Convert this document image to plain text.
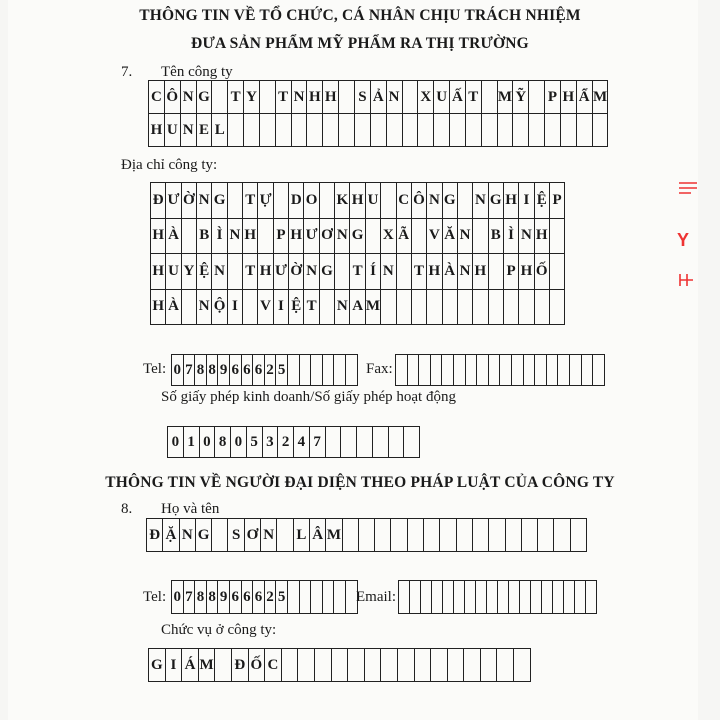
THÔNG TIN VỀ TỔ CHỨC, CÁ NHÂN CHỊU TRÁCH NHIỆM
ĐƯA SẢN PHẨM MỸ PHẨM RA THỊ TRƯỜNG
7. Tên công ty
C Ô N G T Y T N H H S Ả N X U Ấ T M Ỹ P H Ẩ M
H U N E L
Địa chỉ công ty:
Đ Ư Ờ N G T Ự D O K H U C Ô N G N G H I Ệ P
H À B Ì N H P H Ư Ơ N G X Ã V Ă N B Ì N H
H U Y Ệ N T H Ư Ờ N G T Í N T H À N H P H Ố
H À N Ộ I	V I Ệ T N A M
Tel: 0 7 8 8 9 6 6 6 2 5	Fax:
Số giấy phép kinh doanh/Số giấy phép hoạt động
0 1 0 8 0 5 3 2 4 7
THÔNG TIN VỀ NGƯỜI ĐẠI DIỆN THEO PHÁP LUẬT CỦA CÔNG TY
8. Họ và tên
Đ Ặ N G S Ơ N L Â M
Tel: 0 7 8 8 9 6 6 6 2 5	Email:
Chức vụ ở công ty:
G I Á M Đ Ố C
Y
